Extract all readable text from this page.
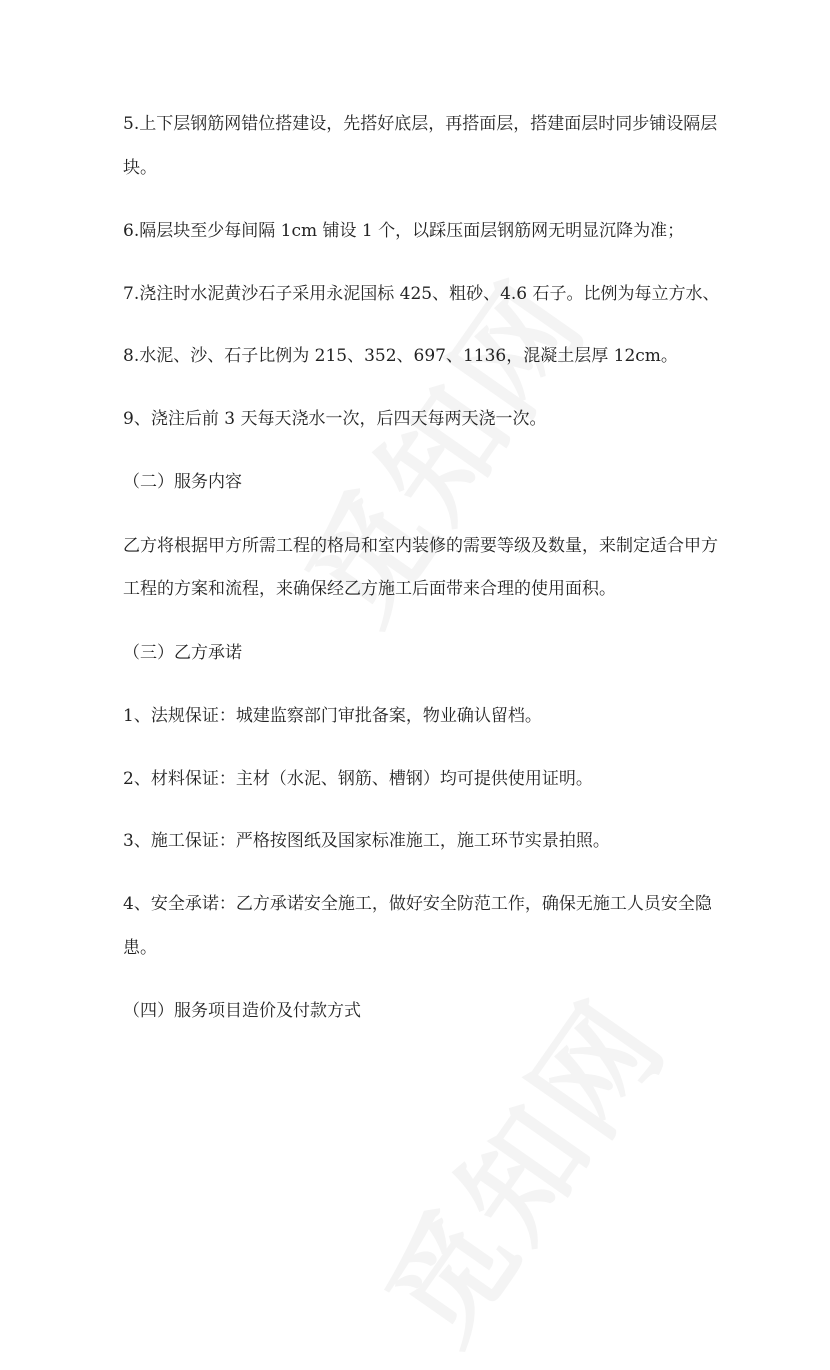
5.上下层钢筋网错位搭建设，先搭好底层，再搭面层，搭建面层时同步铺设隔层
块。
6.隔层块至少每间隔 1cm 铺设 1 个，以踩压面层钢筋网无明显沉降为准；
7.浇注时水泥黄沙石子采用永泥国标 425、粗砂、4.6 石子。比例为每立方水、
8.水泥、沙、石子比例为 215、352、697、1136，混凝土层厚 12cm。
9、浇注后前 3 天每天浇水一次，后四天每两天浇一次。
（二）服务内容
乙方将根据甲方所需工程的格局和室内装修的需要等级及数量，来制定适合甲方
工程的方案和流程，来确保经乙方施工后面带来合理的使用面积。
（三）乙方承诺
1、法规保证：城建监察部门审批备案，物业确认留档。
2、材料保证：主材（水泥、钢筋、槽钢）均可提供使用证明。
3、施工保证：严格按图纸及国家标准施工，施工环节实景拍照。
4、安全承诺：乙方承诺安全施工，做好安全防范工作，确保无施工人员安全隐
患。
（四）服务项目造价及付款方式
